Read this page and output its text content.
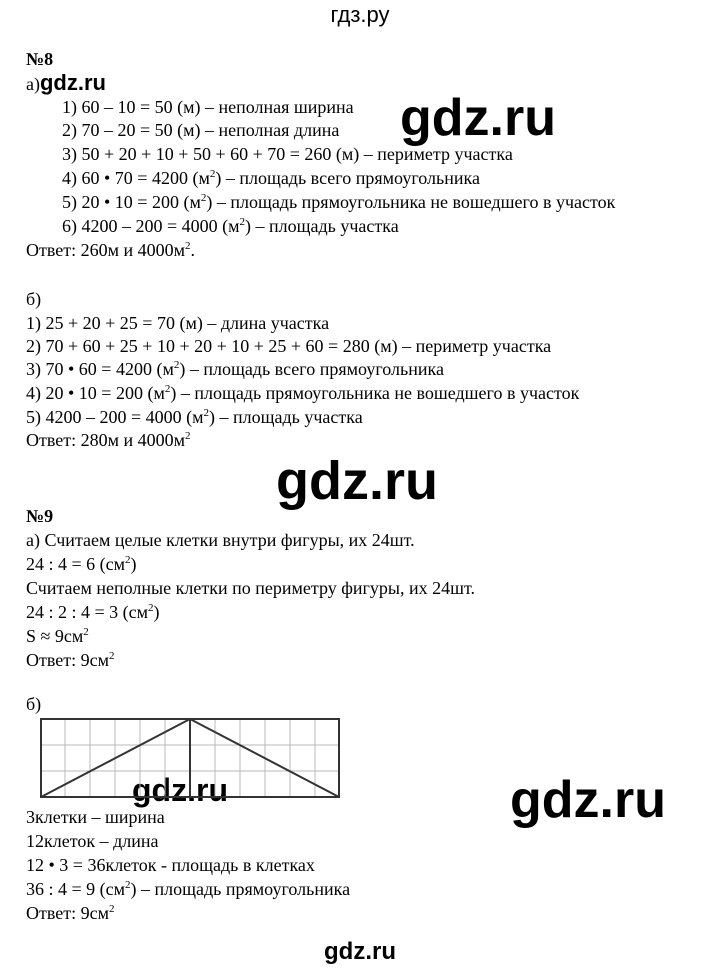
гдз.ру
gdz.ru
gdz.ru
gdz.ru
gdz.ru
№8
а)gdz.ru
1) 60 – 10 = 50 (м) – неполная ширина
2) 70 – 20 = 50 (м) – неполная длина
3) 50 + 20 + 10 + 50 + 60 + 70 = 260 (м) – периметр участка
4) 60 • 70 = 4200 $(м^2)$ – площадь всего прямоугольника
5) 20 • 10 = 200 $(м^2)$ – площадь прямоугольника не вошедшего в участок
6) 4200 – 200 = 4000 $(м^2)$ – площадь участка
Ответ: 260м и $4000м^2$.
б)
1) 25 + 20 + 25 = 70 (м) – длина участка
2) 70 + 60 + 25 + 10 + 20 + 10 + 25 + 60 = 280 (м) – периметр участка
3) 70 • 60 = 4200 $(м^2)$ – площадь всего прямоугольника
4) 20 • 10 = 200 $(м^2)$ – площадь прямоугольника не вошедшего в участок
5) 4200 – 200 = 4000 $(м^2)$ – площадь участка
Ответ: 280м и $4000м^2$
№9
а) Считаем целые клетки внутри фигуры, их 24шт.
24 : 4 = 6 $(см^2)$
Считаем неполные клетки по периметру фигуры, их 24шт.
24 : 2 : 4 = 3 $(см^2)$
$S \approx 9см^2$
Ответ: $9см^2$
б)
3клетки – ширина
12клеток – длина
12 • 3 = 36клеток - площадь в клетках
36 : 4 = 9 $(см^2)$ – площадь прямоугольника
Ответ: $9см^2$
gdz.ru
